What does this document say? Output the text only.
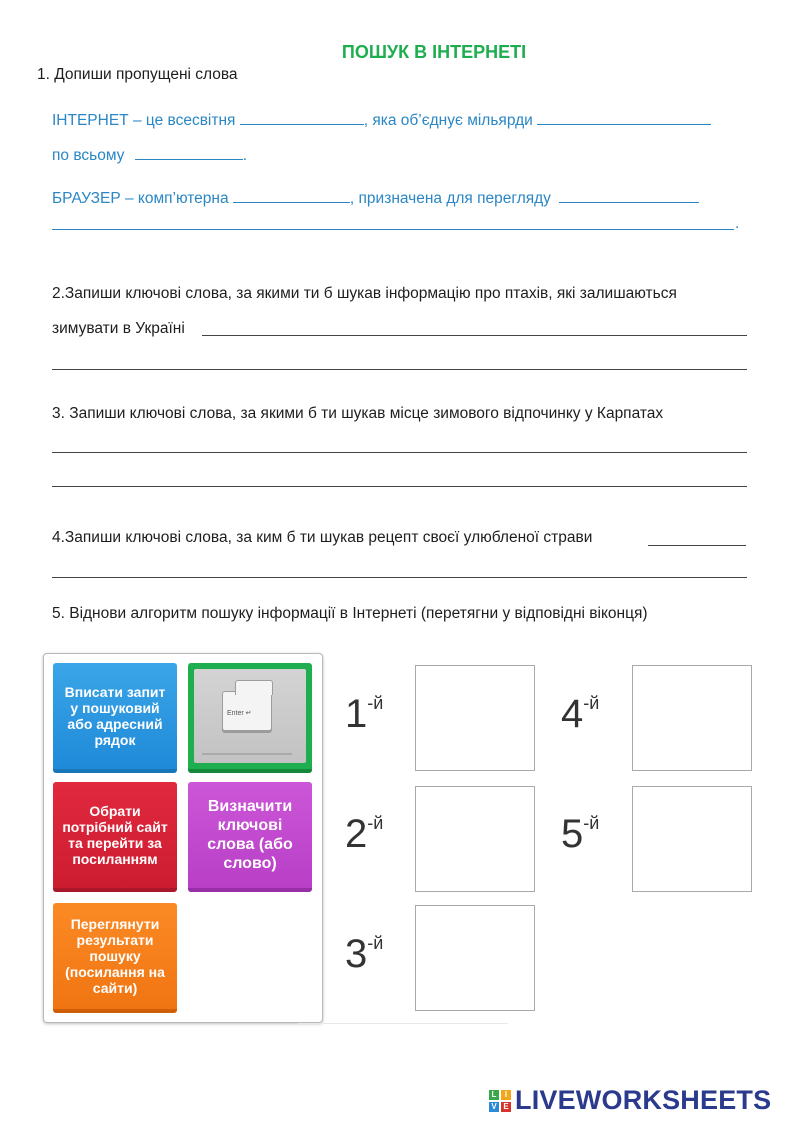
ПОШУК В ІНТЕРНЕТІ
1. Допиши пропущені слова
ІНТЕРНЕТ – це всесвітня	, яка об’єднує мільярди
по всьому	.
БРАУЗЕР – комп’ютерна	, призначена для перегляду
.
2.Запиши ключові слова, за якими ти б шукав інформацію про птахів, які залишаються
зимувати в Україні
3. Запиши ключові слова, за якими б ти шукав місце зимового відпочинку у Карпатах
4.Запиши ключові слова, за ким б ти шукав рецепт своєї улюбленої страви
5. Віднови алгоритм пошуку інформації в Інтернеті (перетягни у відповідні віконця)
Вписати запит у пошуковий або адресний рядок
Enter ↵
Обрати потрібний сайт та перейти за посиланням
Визначити ключові слова (або слово)
Переглянути результати пошуку (посилання на сайти)
$1^{-й}$
$2^{-й}$
$3^{-й}$
$4^{-й}$
$5^{-й}$
L	I
V E LIVEWORKSHEETS
